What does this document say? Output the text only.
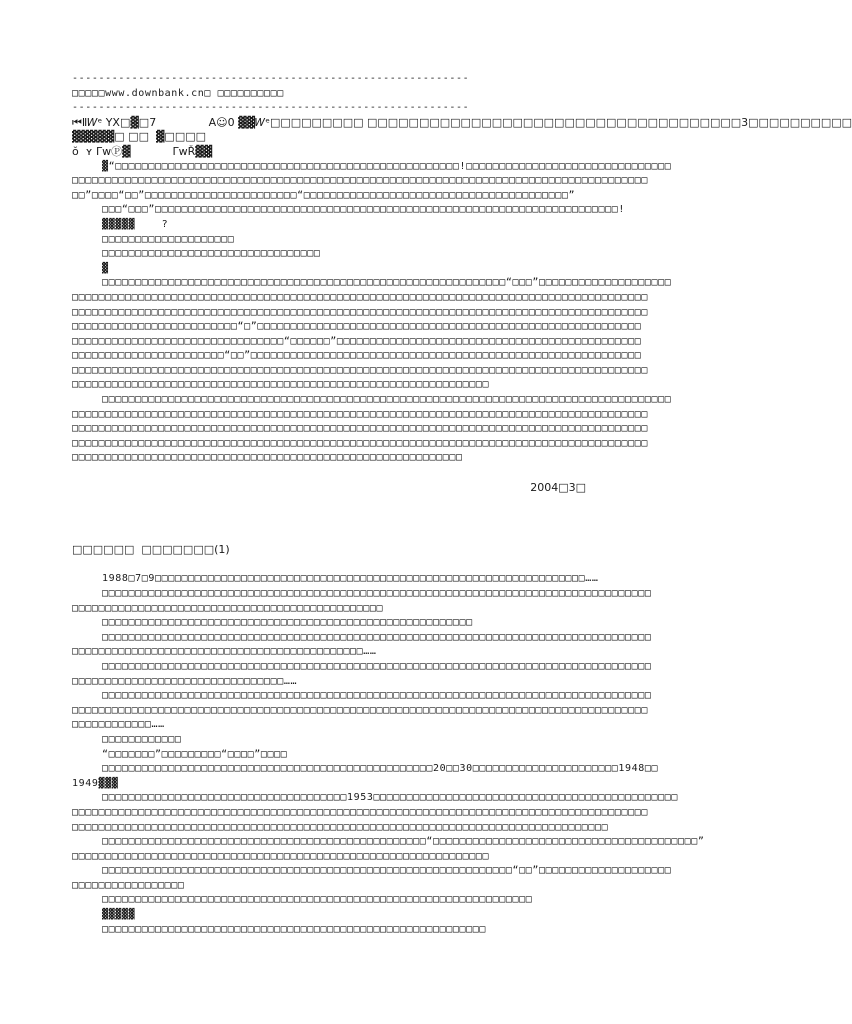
------------------------------------------------------------
□□□□□www.downbank.cn□ □□□□□□□□□□
------------------------------------------------------------
⏮Ⅱ𝑊ᵉ YX□▓□7               A☺0 ▓▓𝑊ᵉ□□□□□□□□□ □□□□□□□□□□□□□□□□□□□□□□□□□□□□□□□□□□□□3□□□□□□□□□□
▓▓▓▓▓□ □□  ▓□□□□
ŏ  ʏ ΓwⓅ▓            ΓwŘ▓▓
▓“□□□□□□□□□□□□□□□□□□□□□□□□□□□□□□□□□□□□□□□□□□□□□□□□□□□□!□□□□□□□□□□□□□□□□□□□□□□□□□□□□□□□
□□□□□□□□□□□□□□□□□□□□□□□□□□□□□□□□□□□□□□□□□□□□□□□□□□□□□□□□□□□□□□□□□□□□□□□□□□□□□□□□□□□□□□□
□□”□□□□“□□”□□□□□□□□□□□□□□□□□□□□□□□“□□□□□□□□□□□□□□□□□□□□□□□□□□□□□□□□□□□□□□□□”
□□□“□□□”□□□□□□□□□□□□□□□□□□□□□□□□□□□□□□□□□□□□□□□□□□□□□□□□□□□□□□□□□□□□□□□□□□□□□□!
▓▓▓▓▓    ?
□□□□□□□□□□□□□□□□□□□□
□□□□□□□□□□□□□□□□□□□□□□□□□□□□□□□□□
▓
□□□□□□□□□□□□□□□□□□□□□□□□□□□□□□□□□□□□□□□□□□□□□□□□□□□□□□□□□□□□□“□□□”□□□□□□□□□□□□□□□□□□□□
□□□□□□□□□□□□□□□□□□□□□□□□□□□□□□□□□□□□□□□□□□□□□□□□□□□□□□□□□□□□□□□□□□□□□□□□□□□□□□□□□□□□□□□
□□□□□□□□□□□□□□□□□□□□□□□□□□□□□□□□□□□□□□□□□□□□□□□□□□□□□□□□□□□□□□□□□□□□□□□□□□□□□□□□□□□□□□□
□□□□□□□□□□□□□□□□□□□□□□□□□“□”□□□□□□□□□□□□□□□□□□□□□□□□□□□□□□□□□□□□□□□□□□□□□□□□□□□□□□□□□□
□□□□□□□□□□□□□□□□□□□□□□□□□□□□□□□□“□□□□□□”□□□□□□□□□□□□□□□□□□□□□□□□□□□□□□□□□□□□□□□□□□□□□□
□□□□□□□□□□□□□□□□□□□□□□□“□□”□□□□□□□□□□□□□□□□□□□□□□□□□□□□□□□□□□□□□□□□□□□□□□□□□□□□□□□□□□□
□□□□□□□□□□□□□□□□□□□□□□□□□□□□□□□□□□□□□□□□□□□□□□□□□□□□□□□□□□□□□□□□□□□□□□□□□□□□□□□□□□□□□□□
□□□□□□□□□□□□□□□□□□□□□□□□□□□□□□□□□□□□□□□□□□□□□□□□□□□□□□□□□□□□□□□
□□□□□□□□□□□□□□□□□□□□□□□□□□□□□□□□□□□□□□□□□□□□□□□□□□□□□□□□□□□□□□□□□□□□□□□□□□□□□□□□□□□□□□
□□□□□□□□□□□□□□□□□□□□□□□□□□□□□□□□□□□□□□□□□□□□□□□□□□□□□□□□□□□□□□□□□□□□□□□□□□□□□□□□□□□□□□□
□□□□□□□□□□□□□□□□□□□□□□□□□□□□□□□□□□□□□□□□□□□□□□□□□□□□□□□□□□□□□□□□□□□□□□□□□□□□□□□□□□□□□□□
□□□□□□□□□□□□□□□□□□□□□□□□□□□□□□□□□□□□□□□□□□□□□□□□□□□□□□□□□□□□□□□□□□□□□□□□□□□□□□□□□□□□□□□
□□□□□□□□□□□□□□□□□□□□□□□□□□□□□□□□□□□□□□□□□□□□□□□□□□□□□□□□□□□
2004□3□
□□□□□□  □□□□□□□(1)
1988□7□9□□□□□□□□□□□□□□□□□□□□□□□□□□□□□□□□□□□□□□□□□□□□□□□□□□□□□□□□□□□□□□□□□……
□□□□□□□□□□□□□□□□□□□□□□□□□□□□□□□□□□□□□□□□□□□□□□□□□□□□□□□□□□□□□□□□□□□□□□□□□□□□□□□□□□□
□□□□□□□□□□□□□□□□□□□□□□□□□□□□□□□□□□□□□□□□□□□□□□□
□□□□□□□□□□□□□□□□□□□□□□□□□□□□□□□□□□□□□□□□□□□□□□□□□□□□□□□□
□□□□□□□□□□□□□□□□□□□□□□□□□□□□□□□□□□□□□□□□□□□□□□□□□□□□□□□□□□□□□□□□□□□□□□□□□□□□□□□□□□□
□□□□□□□□□□□□□□□□□□□□□□□□□□□□□□□□□□□□□□□□□□□□……
□□□□□□□□□□□□□□□□□□□□□□□□□□□□□□□□□□□□□□□□□□□□□□□□□□□□□□□□□□□□□□□□□□□□□□□□□□□□□□□□□□□
□□□□□□□□□□□□□□□□□□□□□□□□□□□□□□□□……
□□□□□□□□□□□□□□□□□□□□□□□□□□□□□□□□□□□□□□□□□□□□□□□□□□□□□□□□□□□□□□□□□□□□□□□□□□□□□□□□□□□
□□□□□□□□□□□□□□□□□□□□□□□□□□□□□□□□□□□□□□□□□□□□□□□□□□□□□□□□□□□□□□□□□□□□□□□□□□□□□□□□□□□□□□□
□□□□□□□□□□□□……
□□□□□□□□□□□□
“□□□□□□□”□□□□□□□□□“□□□□”□□□□
□□□□□□□□□□□□□□□□□□□□□□□□□□□□□□□□□□□□□□□□□□□□□□□□□□20□□30□□□□□□□□□□□□□□□□□□□□□□1948□□
1949▓▓▓
□□□□□□□□□□□□□□□□□□□□□□□□□□□□□□□□□□□□□1953□□□□□□□□□□□□□□□□□□□□□□□□□□□□□□□□□□□□□□□□□□□□□□
□□□□□□□□□□□□□□□□□□□□□□□□□□□□□□□□□□□□□□□□□□□□□□□□□□□□□□□□□□□□□□□□□□□□□□□□□□□□□□□□□□□□□□□
□□□□□□□□□□□□□□□□□□□□□□□□□□□□□□□□□□□□□□□□□□□□□□□□□□□□□□□□□□□□□□□□□□□□□□□□□□□□□□□□□
□□□□□□□□□□□□□□□□□□□□□□□□□□□□□□□□□□□□□□□□□□□□□□□□□“□□□□□□□□□□□□□□□□□□□□□□□□□□□□□□□□□□□□□□□□”
□□□□□□□□□□□□□□□□□□□□□□□□□□□□□□□□□□□□□□□□□□□□□□□□□□□□□□□□□□□□□□□
□□□□□□□□□□□□□□□□□□□□□□□□□□□□□□□□□□□□□□□□□□□□□□□□□□□□□□□□□□□□□□“□□”□□□□□□□□□□□□□□□□□□□□
□□□□□□□□□□□□□□□□□
□□□□□□□□□□□□□□□□□□□□□□□□□□□□□□□□□□□□□□□□□□□□□□□□□□□□□□□□□□□□□□□□□
▓▓▓▓▓
□□□□□□□□□□□□□□□□□□□□□□□□□□□□□□□□□□□□□□□□□□□□□□□□□□□□□□□□□□
